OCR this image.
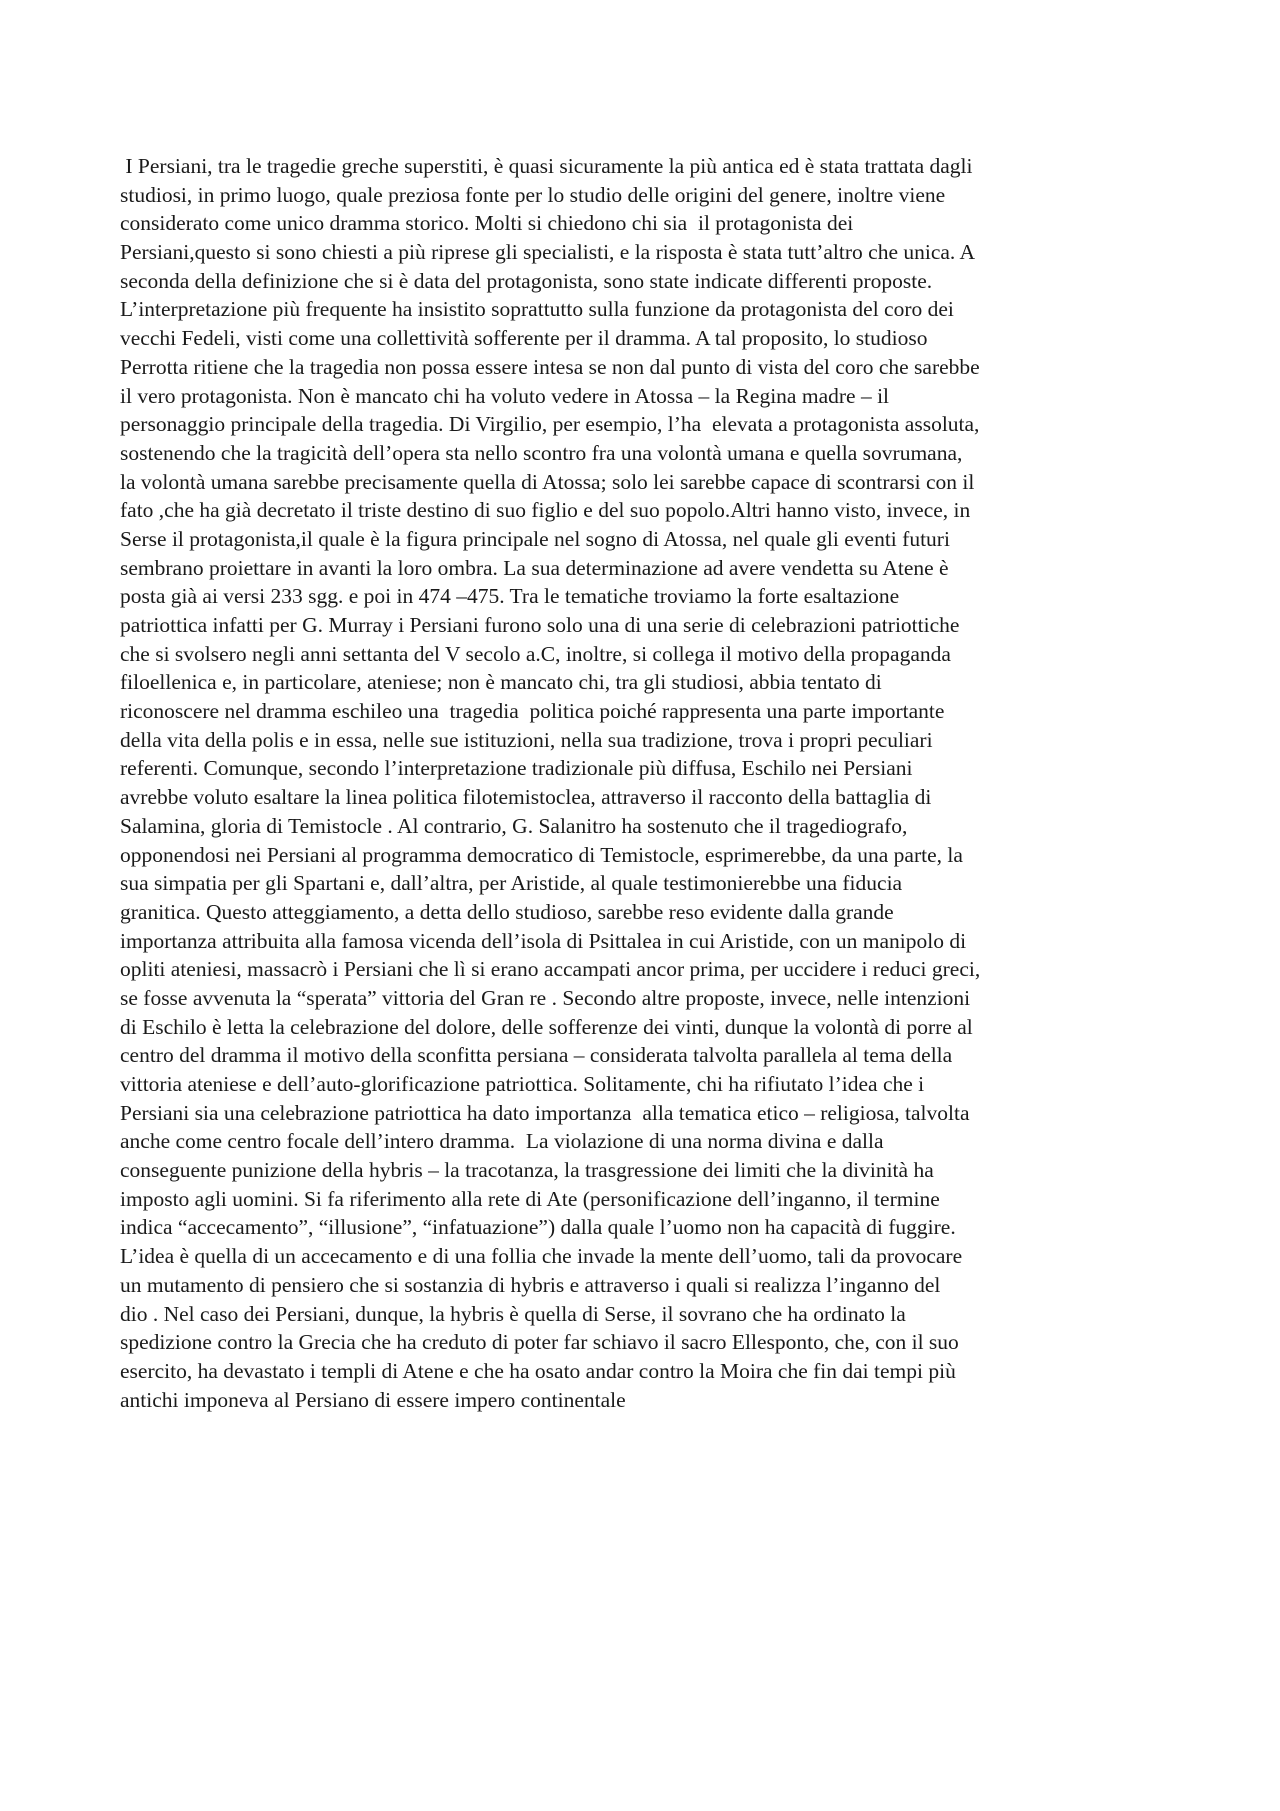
I Persiani, tra le tragedie greche superstiti, è quasi sicuramente la più antica ed è stata trattata dagli
studiosi, in primo luogo, quale preziosa fonte per lo studio delle origini del genere, inoltre viene
considerato come unico dramma storico. Molti si chiedono chi sia  il protagonista dei
Persiani,questo si sono chiesti a più riprese gli specialisti, e la risposta è stata tutt’altro che unica. A
seconda della definizione che si è data del protagonista, sono state indicate differenti proposte.
L’interpretazione più frequente ha insistito soprattutto sulla funzione da protagonista del coro dei
vecchi Fedeli, visti come una collettività sofferente per il dramma. A tal proposito, lo studioso
Perrotta ritiene che la tragedia non possa essere intesa se non dal punto di vista del coro che sarebbe
il vero protagonista. Non è mancato chi ha voluto vedere in Atossa – la Regina madre – il
personaggio principale della tragedia. Di Virgilio, per esempio, l’ha  elevata a protagonista assoluta,
sostenendo che la tragicità dell’opera sta nello scontro fra una volontà umana e quella sovrumana,
la volontà umana sarebbe precisamente quella di Atossa; solo lei sarebbe capace di scontrarsi con il
fato ,che ha già decretato il triste destino di suo figlio e del suo popolo.Altri hanno visto, invece, in
Serse il protagonista,il quale è la figura principale nel sogno di Atossa, nel quale gli eventi futuri
sembrano proiettare in avanti la loro ombra. La sua determinazione ad avere vendetta su Atene è
posta già ai versi 233 sgg. e poi in 474 –475. Tra le tematiche troviamo la forte esaltazione
patriottica infatti per G. Murray i Persiani furono solo una di una serie di celebrazioni patriottiche
che si svolsero negli anni settanta del V secolo a.C, inoltre, si collega il motivo della propaganda
filoellenica e, in particolare, ateniese; non è mancato chi, tra gli studiosi, abbia tentato di
riconoscere nel dramma eschileo una  tragedia  politica poiché rappresenta una parte importante
della vita della polis e in essa, nelle sue istituzioni, nella sua tradizione, trova i propri peculiari
referenti. Comunque, secondo l’interpretazione tradizionale più diffusa, Eschilo nei Persiani
avrebbe voluto esaltare la linea politica filotemistoclea, attraverso il racconto della battaglia di
Salamina, gloria di Temistocle . Al contrario, G. Salanitro ha sostenuto che il tragediografo,
opponendosi nei Persiani al programma democratico di Temistocle, esprimerebbe, da una parte, la
sua simpatia per gli Spartani e, dall’altra, per Aristide, al quale testimonierebbe una fiducia
granitica. Questo atteggiamento, a detta dello studioso, sarebbe reso evidente dalla grande
importanza attribuita alla famosa vicenda dell’isola di Psittalea in cui Aristide, con un manipolo di
opliti ateniesi, massacrò i Persiani che lì si erano accampati ancor prima, per uccidere i reduci greci,
se fosse avvenuta la “sperata” vittoria del Gran re . Secondo altre proposte, invece, nelle intenzioni
di Eschilo è letta la celebrazione del dolore, delle sofferenze dei vinti, dunque la volontà di porre al
centro del dramma il motivo della sconfitta persiana – considerata talvolta parallela al tema della
vittoria ateniese e dell’auto-glorificazione patriottica. Solitamente, chi ha rifiutato l’idea che i
Persiani sia una celebrazione patriottica ha dato importanza  alla tematica etico – religiosa, talvolta
anche come centro focale dell’intero dramma.  La violazione di una norma divina e dalla
conseguente punizione della hybris – la tracotanza, la trasgressione dei limiti che la divinità ha
imposto agli uomini. Si fa riferimento alla rete di Ate (personificazione dell’inganno, il termine
indica “accecamento”, “illusione”, “infatuazione”) dalla quale l’uomo non ha capacità di fuggire.
L’idea è quella di un accecamento e di una follia che invade la mente dell’uomo, tali da provocare
un mutamento di pensiero che si sostanzia di hybris e attraverso i quali si realizza l’inganno del
dio . Nel caso dei Persiani, dunque, la hybris è quella di Serse, il sovrano che ha ordinato la
spedizione contro la Grecia che ha creduto di poter far schiavo il sacro Ellesponto, che, con il suo
esercito, ha devastato i templi di Atene e che ha osato andar contro la Moira che fin dai tempi più
antichi imponeva al Persiano di essere impero continentale
